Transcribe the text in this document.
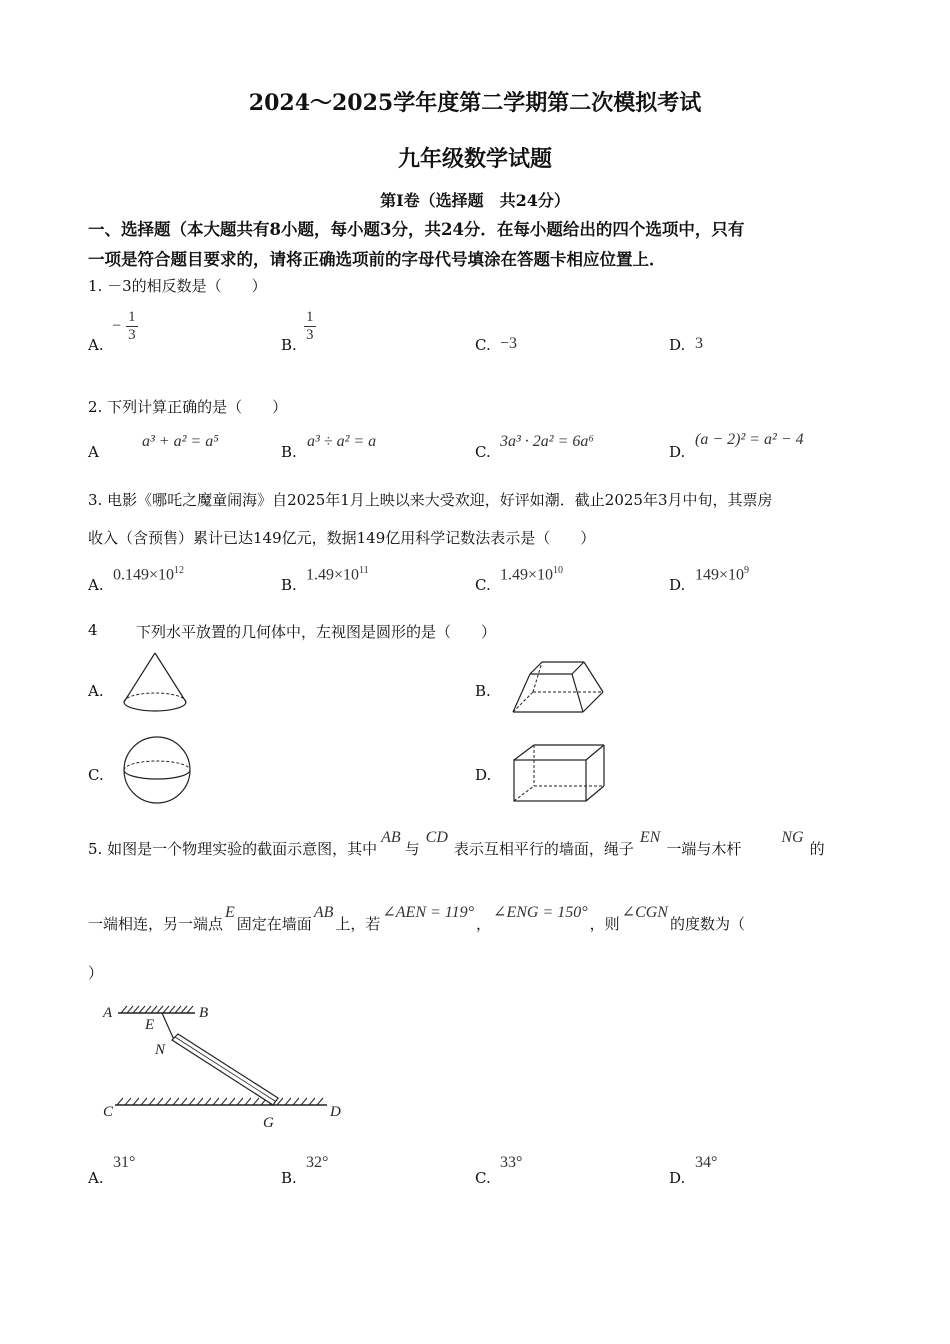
2024～2025学年度第二学期第二次模拟考试
九年级数学试题
第Ⅰ卷（选择题　共24分）
一、选择题（本大题共有8小题，每小题3分，共24分．在每小题给出的四个选项中，只有
一项是符合题目要求的，请将正确选项前的字母代号填涂在答题卡相应位置上．
1. －3的相反数是（　　）
A.
− $\frac{1}{3}$
B.
$\frac{1}{3}$
C. −3	D. 3
2. 下列计算正确的是（　　）
A
a³ + a² = a⁵
B.
a³ ÷ a² = a
C.
3a³ · 2a² = 6a⁶
D.
(a − 2)² = a² − 4
3. 电影《哪吒之魔童闹海》自2025年1月上映以来大受欢迎，好评如潮．截止2025年3月中旬，其票房
收入（含预售）累计已达149亿元，数据149亿用科学记数法表示是（　　）
A.
$0.149\times 10^{12}$
B.
$1.49\times 10^{11}$
C.
$1.49\times 10^{10}$
D.
$149\times 10^9$
4	下列水平放置的几何体中，左视图是圆形的是（　　）
A.	B.
C.	D.
5. 如图是一个物理实验的截面示意图，其中AB与CD表示互相平行的墙面，绳子EN一端与木杆NG的
一端相连，另一端点E固定在墙面AB上，若∠AEN = 119°，∠ENG = 150°，则∠CGN的度数为（
）
A	B
E
N
C
G
D
A.
31°
B.
32°
C.
33°
D.
34°
